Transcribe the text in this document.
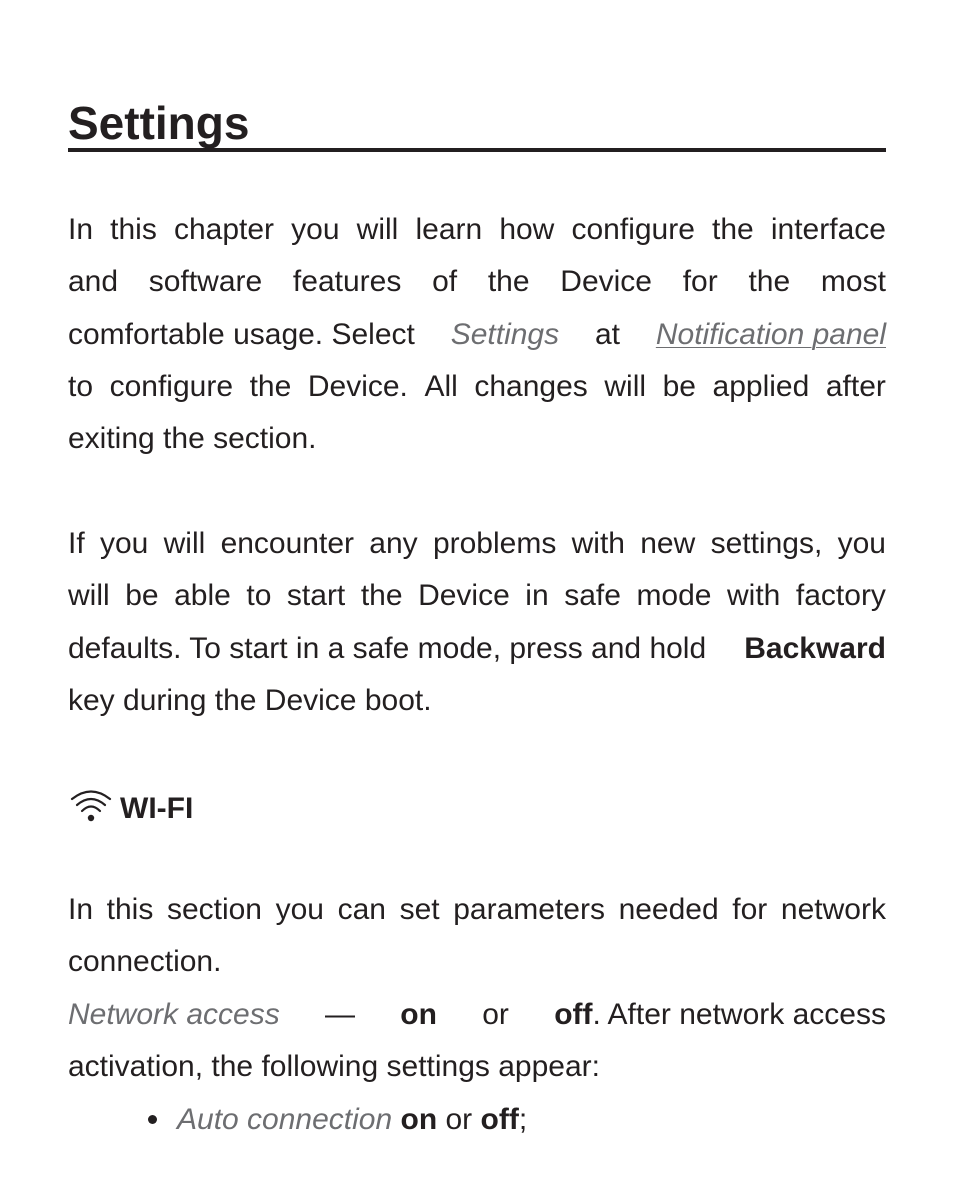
Settings
In this chapter you will learn how configure the interface
and software features of the Device for the most
comfortable usage. Select Settings at Notification panel
to configure the Device. All changes will be applied after
exiting the section.
If you will encounter any problems with new settings, you
will be able to start the Device in safe mode with factory
defaults. To start in a safe mode, press and hold Backward
key during the Device boot.
WI-FI
In this section you can set parameters needed for network
connection.
Network access — on or off. After network access
activation, the following settings appear:
Auto connection on or off;
